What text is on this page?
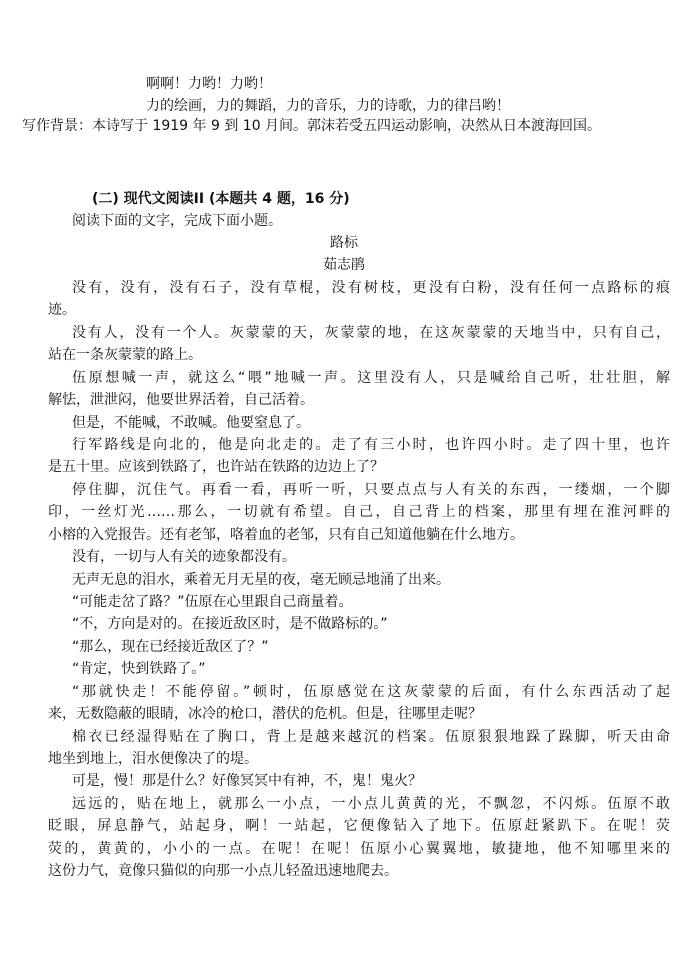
啊啊！力哟！力哟！
力的绘画，力的舞蹈，力的音乐，力的诗歌，力的律吕哟！
写作背景：本诗写于 1919 年 9 到 10 月间。郭沫若受五四运动影响，决然从日本渡海回国。
(二) 现代文阅读II (本题共 4 题，16 分)
阅读下面的文字，完成下面小题。
路标
茹志鹃
没有，没有，没有石子，没有草棍，没有树枝，更没有白粉，没有任何一点路标的痕
迹。
没有人，没有一个人。灰蒙蒙的天，灰蒙蒙的地，在这灰蒙蒙的天地当中，只有自己，
站在一条灰蒙蒙的路上。
伍原想喊一声，就这么“喂”地喊一声。这里没有人，只是喊给自己听，壮壮胆，解
解怯，泄泄闷，他要世界活着，自己活着。
但是，不能喊，不敢喊。他要窒息了。
行军路线是向北的，他是向北走的。走了有三小时，也许四小时。走了四十里，也许
是五十里。应该到铁路了，也许站在铁路的边边上了？
停住脚，沉住气。再看一看，再听一听，只要点点与人有关的东西，一缕烟，一个脚
印，一丝灯光……那么，一切就有希望。自己，自己背上的档案，那里有埋在淮河畔的
小榕的入党报告。还有老邹，咯着血的老邹，只有自己知道他躺在什么地方。
没有，一切与人有关的迹象都没有。
无声无息的泪水，乘着无月无星的夜，毫无顾忌地涌了出来。
“可能走岔了路？”伍原在心里跟自己商量着。
“不，方向是对的。在接近敌区时，是不做路标的。”
“那么，现在已经接近敌区了？”
“肯定，快到铁路了。”
“那就快走！不能停留。”顿时，伍原感觉在这灰蒙蒙的后面，有什么东西活动了起
来，无数隐蔽的眼睛，冰冷的枪口，潜伏的危机。但是，往哪里走呢？
棉衣已经湿得贴在了胸口，背上是越来越沉的档案。伍原狠狠地跺了跺脚，听天由命
地坐到地上，泪水便像决了的堤。
可是，慢！那是什么？好像冥冥中有神，不，鬼！鬼火？
远远的，贴在地上，就那么一小点，一小点儿黄黄的光，不飘忽，不闪烁。伍原不敢
眨眼，屏息静气，站起身，啊！一站起，它便像钻入了地下。伍原赶紧趴下。在呢！荧
荧的，黄黄的，小小的一点。在呢！在呢！伍原小心翼翼地，敏捷地，他不知哪里来的
这份力气，竟像只猫似的向那一小点儿轻盈迅速地爬去。
